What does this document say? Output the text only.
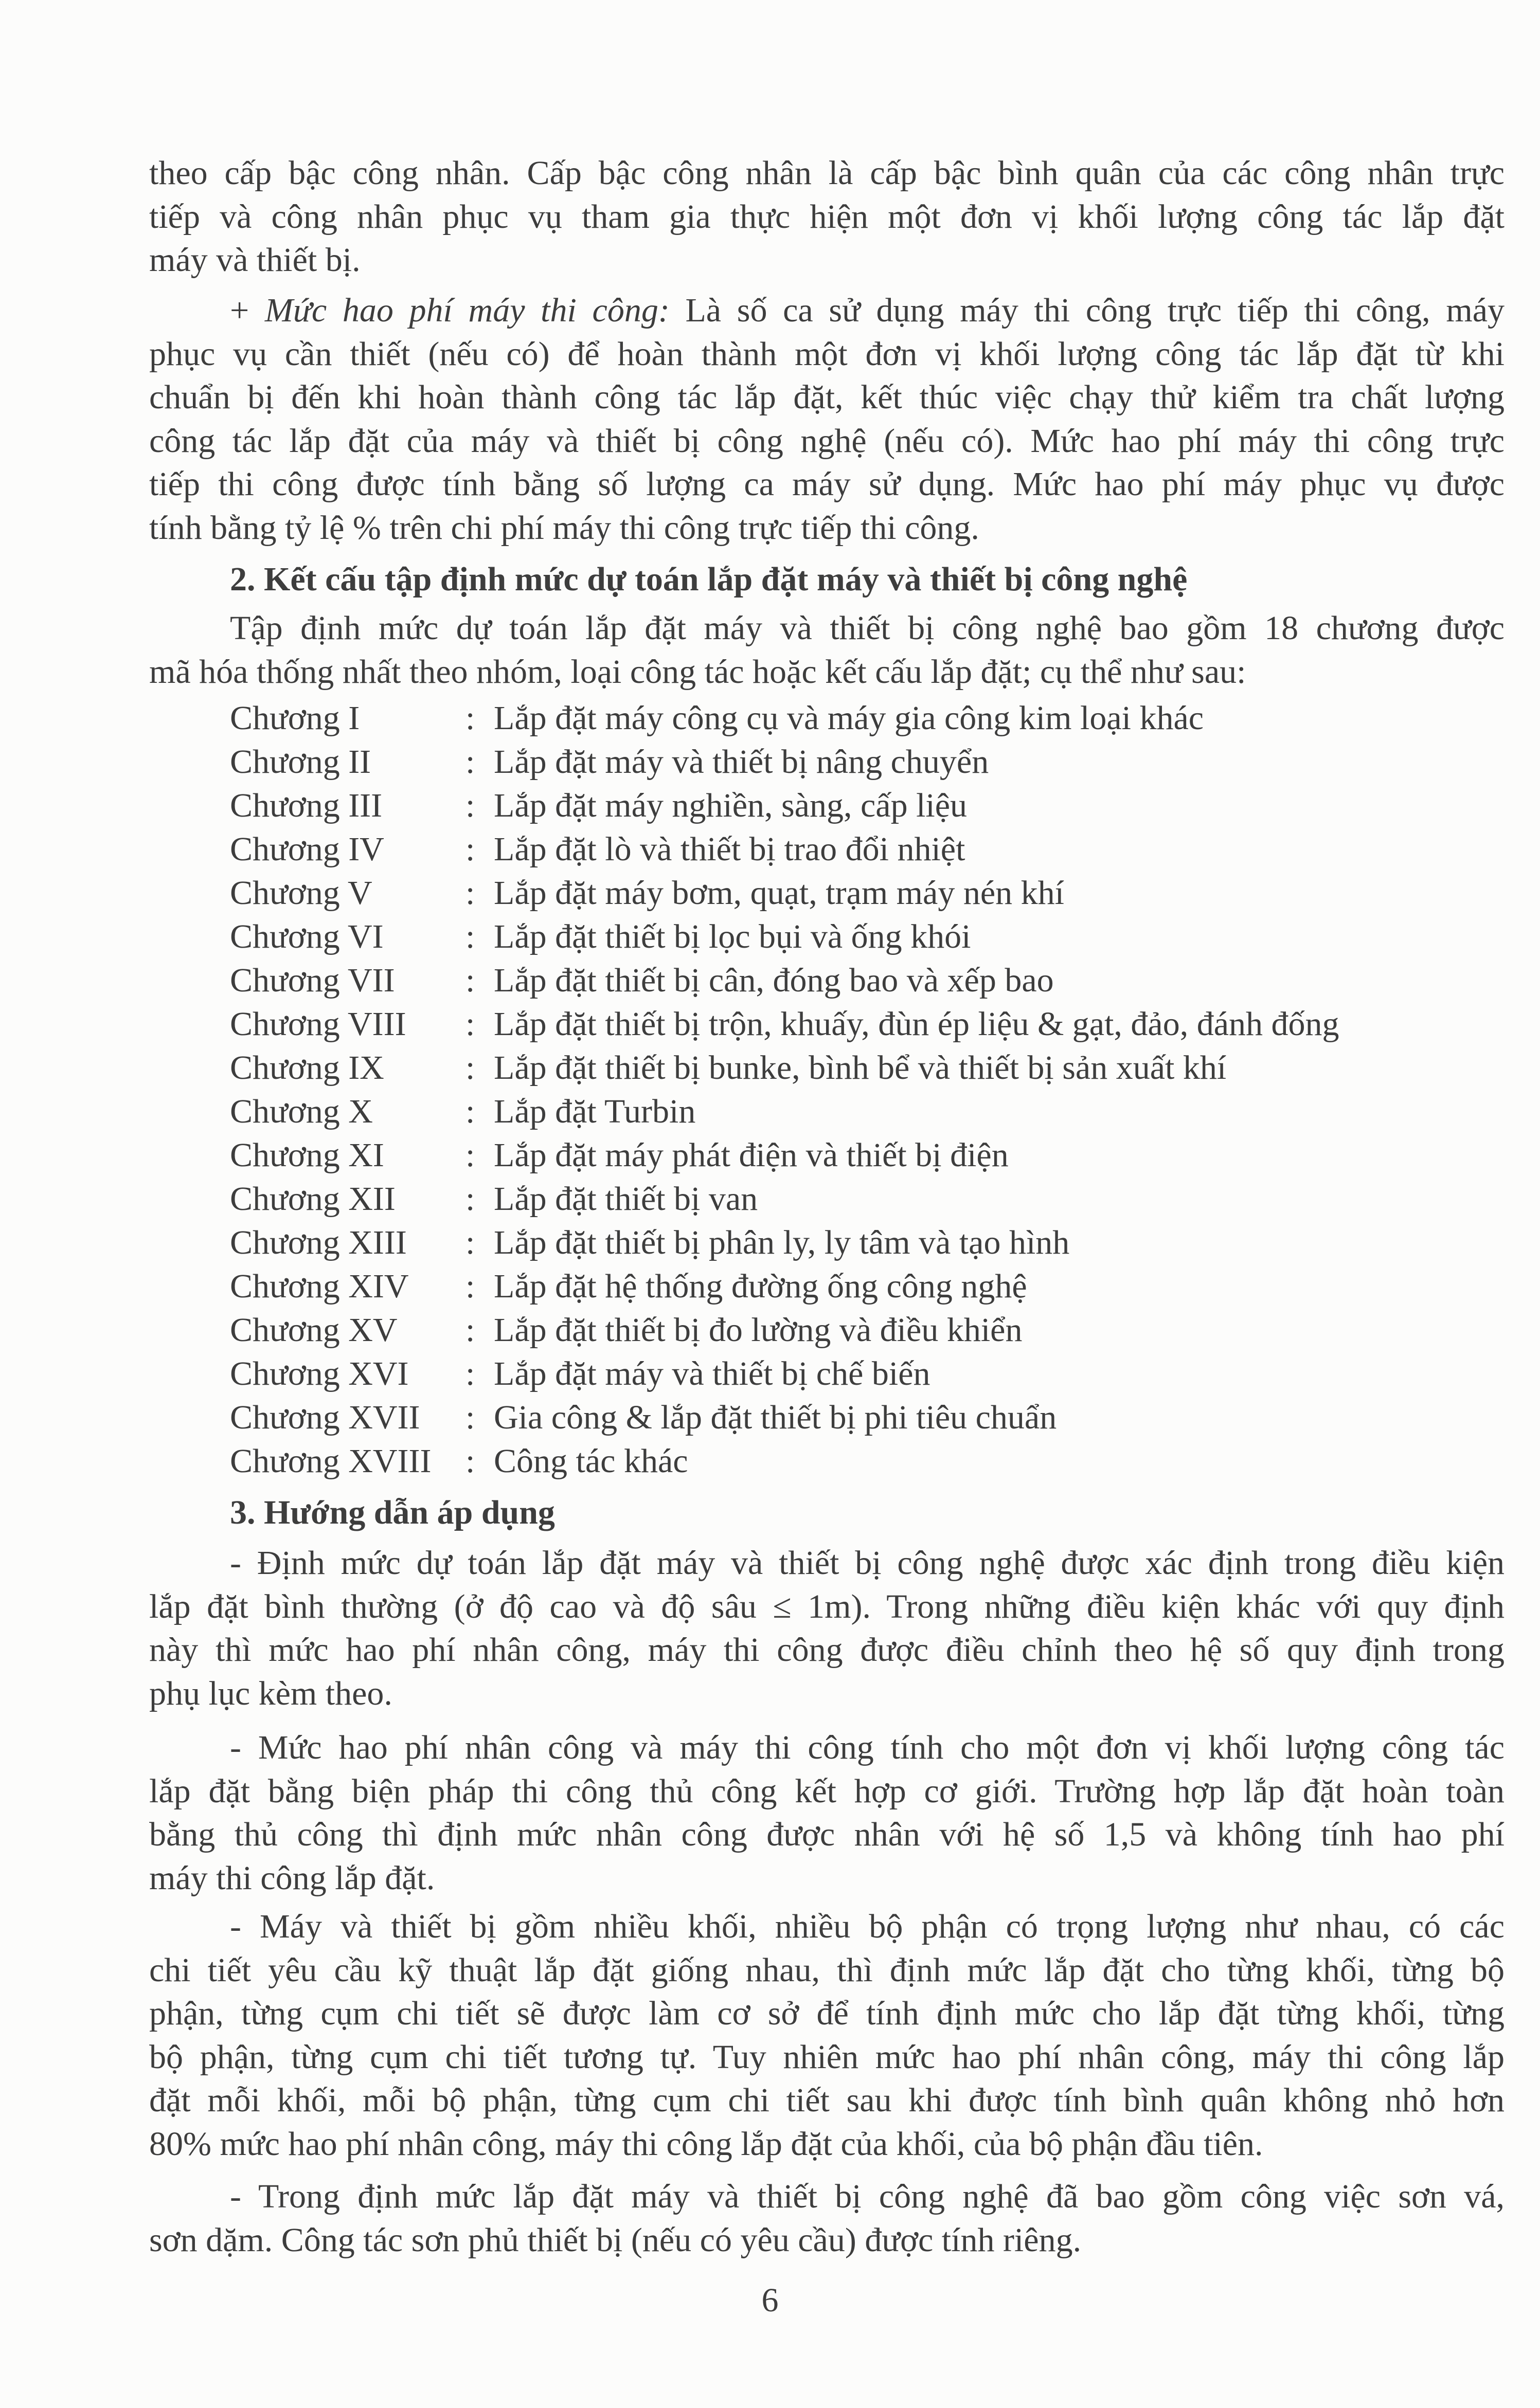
theo cấp bậc công nhân. Cấp bậc công nhân là cấp bậc bình quân của các công nhân trực
tiếp và công nhân phục vụ tham gia thực hiện một đơn vị khối lượng công tác lắp đặt
máy và thiết bị.
+ Mức hao phí máy thi công: Là số ca sử dụng máy thi công trực tiếp thi công, máy
phục vụ cần thiết (nếu có) để hoàn thành một đơn vị khối lượng công tác lắp đặt từ khi
chuẩn bị đến khi hoàn thành công tác lắp đặt, kết thúc việc chạy thử kiểm tra chất lượng
công tác lắp đặt của máy và thiết bị công nghệ (nếu có). Mức hao phí máy thi công trực
tiếp thi công được tính bằng số lượng ca máy sử dụng. Mức hao phí máy phục vụ được
tính bằng tỷ lệ % trên chi phí máy thi công trực tiếp thi công.
2. Kết cấu tập định mức dự toán lắp đặt máy và thiết bị công nghệ
Tập định mức dự toán lắp đặt máy và thiết bị công nghệ bao gồm 18 chương được
mã hóa thống nhất theo nhóm, loại công tác hoặc kết cấu lắp đặt; cụ thể như sau:
Chương I	: Lắp đặt máy công cụ và máy gia công kim loại khác
Chương II	: Lắp đặt máy và thiết bị nâng chuyển
Chương III : Lắp đặt máy nghiền, sàng, cấp liệu
Chương IV : Lắp đặt lò và thiết bị trao đổi nhiệt
Chương V	: Lắp đặt máy bơm, quạt, trạm máy nén khí
Chương VI : Lắp đặt thiết bị lọc bụi và ống khói
Chương VII : Lắp đặt thiết bị cân, đóng bao và xếp bao
Chương VIII : Lắp đặt thiết bị trộn, khuấy, đùn ép liệu & gạt, đảo, đánh đống
Chương IX : Lắp đặt thiết bị bunke, bình bể và thiết bị sản xuất khí
Chương X	: Lắp đặt Turbin
Chương XI : Lắp đặt máy phát điện và thiết bị điện
Chương XII : Lắp đặt thiết bị van
Chương XIII : Lắp đặt thiết bị phân ly, ly tâm và tạo hình
Chương XIV : Lắp đặt hệ thống đường ống công nghệ
Chương XV : Lắp đặt thiết bị đo lường và điều khiển
Chương XVI : Lắp đặt máy và thiết bị chế biến
Chương XVII : Gia công & lắp đặt thiết bị phi tiêu chuẩn
Chương XVIII : Công tác khác
3. Hướng dẫn áp dụng
- Định mức dự toán lắp đặt máy và thiết bị công nghệ được xác định trong điều kiện
lắp đặt bình thường (ở độ cao và độ sâu ≤ 1m). Trong những điều kiện khác với quy định
này thì mức hao phí nhân công, máy thi công được điều chỉnh theo hệ số quy định trong
phụ lục kèm theo.
- Mức hao phí nhân công và máy thi công tính cho một đơn vị khối lượng công tác
lắp đặt bằng biện pháp thi công thủ công kết hợp cơ giới. Trường hợp lắp đặt hoàn toàn
bằng thủ công thì định mức nhân công được nhân với hệ số 1,5 và không tính hao phí
máy thi công lắp đặt.
- Máy và thiết bị gồm nhiều khối, nhiều bộ phận có trọng lượng như nhau, có các
chi tiết yêu cầu kỹ thuật lắp đặt giống nhau, thì định mức lắp đặt cho từng khối, từng bộ
phận, từng cụm chi tiết sẽ được làm cơ sở để tính định mức cho lắp đặt từng khối, từng
bộ phận, từng cụm chi tiết tương tự. Tuy nhiên mức hao phí nhân công, máy thi công lắp
đặt mỗi khối, mỗi bộ phận, từng cụm chi tiết sau khi được tính bình quân không nhỏ hơn
80% mức hao phí nhân công, máy thi công lắp đặt của khối, của bộ phận đầu tiên.
- Trong định mức lắp đặt máy và thiết bị công nghệ đã bao gồm công việc sơn vá,
sơn dặm. Công tác sơn phủ thiết bị (nếu có yêu cầu) được tính riêng.
6
